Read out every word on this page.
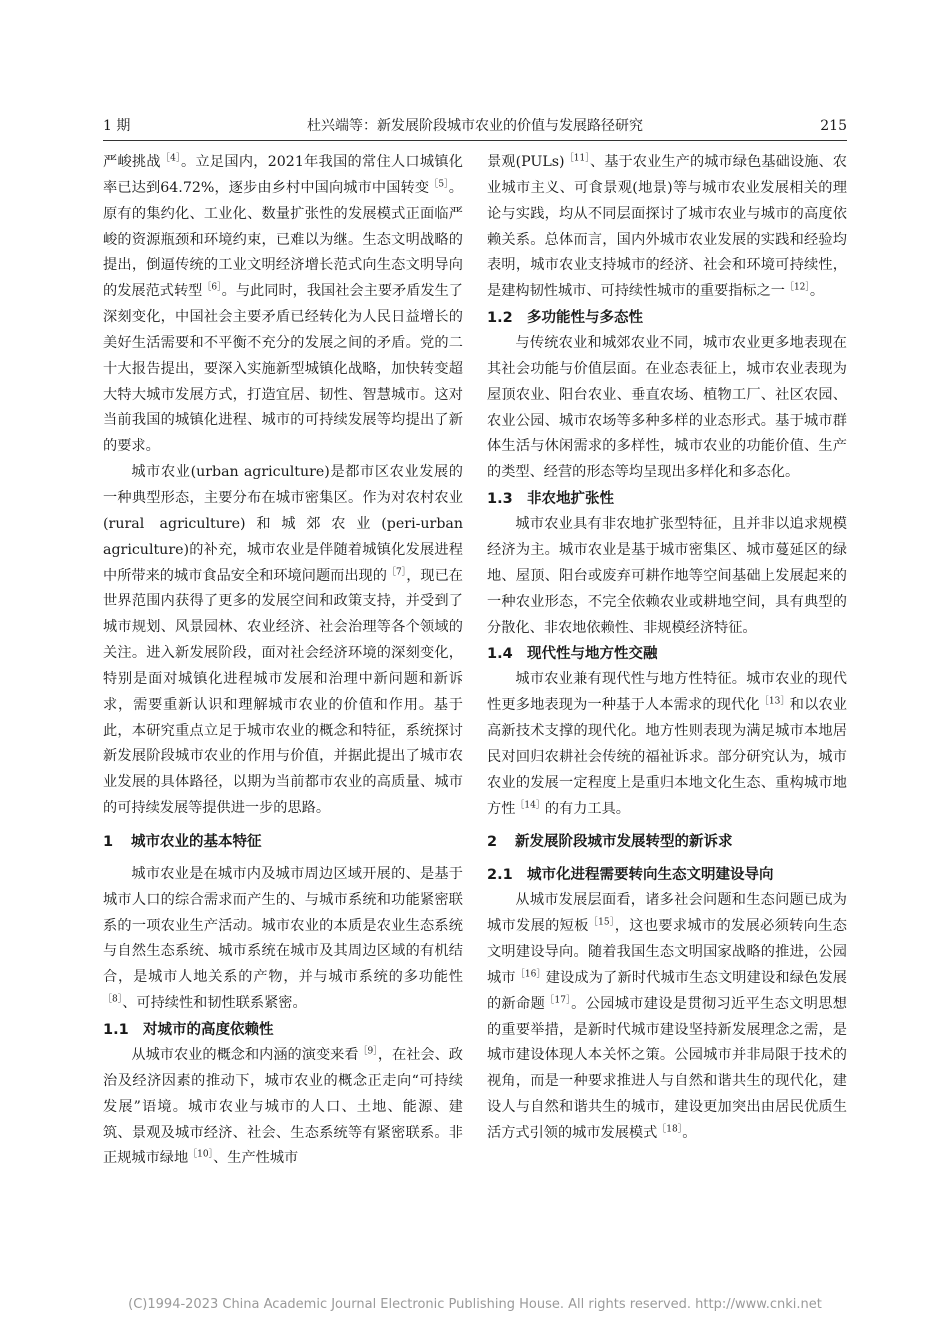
1 期	杜兴端等：新发展阶段城市农业的价值与发展路径研究	215

严峻挑战$^{[4]}$。立足国内，2021年我国的常住人口城镇化率已达到64.72%，逐步由乡村中国向城市中国转变$^{[5]}$。原有的集约化、工业化、数量扩张性的发展模式正面临严峻的资源瓶颈和环境约束，已难以为继。生态文明战略的提出，倒逼传统的工业文明经济增长范式向生态文明导向的发展范式转型$^{[6]}$。与此同时，我国社会主要矛盾发生了深刻变化，中国社会主要矛盾已经转化为人民日益增长的美好生活需要和不平衡不充分的发展之间的矛盾。党的二十大报告提出，要深入实施新型城镇化战略，加快转变超大特大城市发展方式，打造宜居、韧性、智慧城市。这对当前我国的城镇化进程、城市的可持续发展等均提出了新的要求。

城市农业(urban agriculture)是都市区农业发展的一种典型形态，主要分布在城市密集区。作为对农村农业(rural agriculture)和城郊农业(peri-urban agriculture)的补充，城市农业是伴随着城镇化发展进程中所带来的城市食品安全和环境问题而出现的$^{[7]}$，现已在世界范围内获得了更多的发展空间和政策支持，并受到了城市规划、风景园林、农业经济、社会治理等各个领域的关注。进入新发展阶段，面对社会经济环境的深刻变化，特别是面对城镇化进程城市发展和治理中新问题和新诉求，需要重新认识和理解城市农业的价值和作用。基于此，本研究重点立足于城市农业的概念和特征，系统探讨新发展阶段城市农业的作用与价值，并据此提出了城市农业发展的具体路径，以期为当前都市农业的高质量、城市的可持续发展等提供进一步的思路。

1 城市农业的基本特征

城市农业是在城市内及城市周边区域开展的、是基于城市人口的综合需求而产生的、与城市系统和功能紧密联系的一项农业生产活动。城市农业的本质是农业生态系统与自然生态系统、城市系统在城市及其周边区域的有机结合，是城市人地关系的产物，并与城市系统的多功能性$^{[8]}$、可持续性和韧性联系紧密。

1.1 对城市的高度依赖性

从城市农业的概念和内涵的演变来看$^{[9]}$，在社会、政治及经济因素的推动下，城市农业的概念正走向“可持续发展”语境。城市农业与城市的人口、土地、能源、建筑、景观及城市经济、社会、生态系统等有紧密联系。非正规城市绿地$^{[10]}$、生产性城市

景观(PULs)$^{[11]}$、基于农业生产的城市绿色基础设施、农业城市主义、可食景观(地景)等与城市农业发展相关的理论与实践，均从不同层面探讨了城市农业与城市的高度依赖关系。总体而言，国内外城市农业发展的实践和经验均表明，城市农业支持城市的经济、社会和环境可持续性，是建构韧性城市、可持续性城市的重要指标之一$^{[12]}$。

1.2 多功能性与多态性

与传统农业和城郊农业不同，城市农业更多地表现在其社会功能与价值层面。在业态表征上，城市农业表现为屋顶农业、阳台农业、垂直农场、植物工厂、社区农园、农业公园、城市农场等多种多样的业态形式。基于城市群体生活与休闲需求的多样性，城市农业的功能价值、生产的类型、经营的形态等均呈现出多样化和多态化。

1.3 非农地扩张性

城市农业具有非农地扩张型特征，且并非以追求规模经济为主。城市农业是基于城市密集区、城市蔓延区的绿地、屋顶、阳台或废弃可耕作地等空间基础上发展起来的一种农业形态，不完全依赖农业或耕地空间，具有典型的分散化、非农地依赖性、非规模经济特征。

1.4 现代性与地方性交融

城市农业兼有现代性与地方性特征。城市农业的现代性更多地表现为一种基于人本需求的现代化$^{[13]}$和以农业高新技术支撑的现代化。地方性则表现为满足城市本地居民对回归农耕社会传统的福祉诉求。部分研究认为，城市农业的发展一定程度上是重归本地文化生态、重构城市地方性$^{[14]}$的有力工具。

2 新发展阶段城市发展转型的新诉求
2.1 城市化进程需要转向生态文明建设导向

从城市发展层面看，诸多社会问题和生态问题已成为城市发展的短板$^{[15]}$，这也要求城市的发展必须转向生态文明建设导向。随着我国生态文明国家战略的推进，公园城市$^{[16]}$建设成为了新时代城市生态文明建设和绿色发展的新命题$^{[17]}$。公园城市建设是贯彻习近平生态文明思想的重要举措，是新时代城市建设坚持新发展理念之需，是城市建设体现人本关怀之策。公园城市并非局限于技术的视角，而是一种要求推进人与自然和谐共生的现代化，建设人与自然和谐共生的城市，建设更加突出由居民优质生活方式引领的城市发展模式$^{[18]}$。

(C)1994-2023 China Academic Journal Electronic Publishing House. All rights reserved. http://www.cnki.net
